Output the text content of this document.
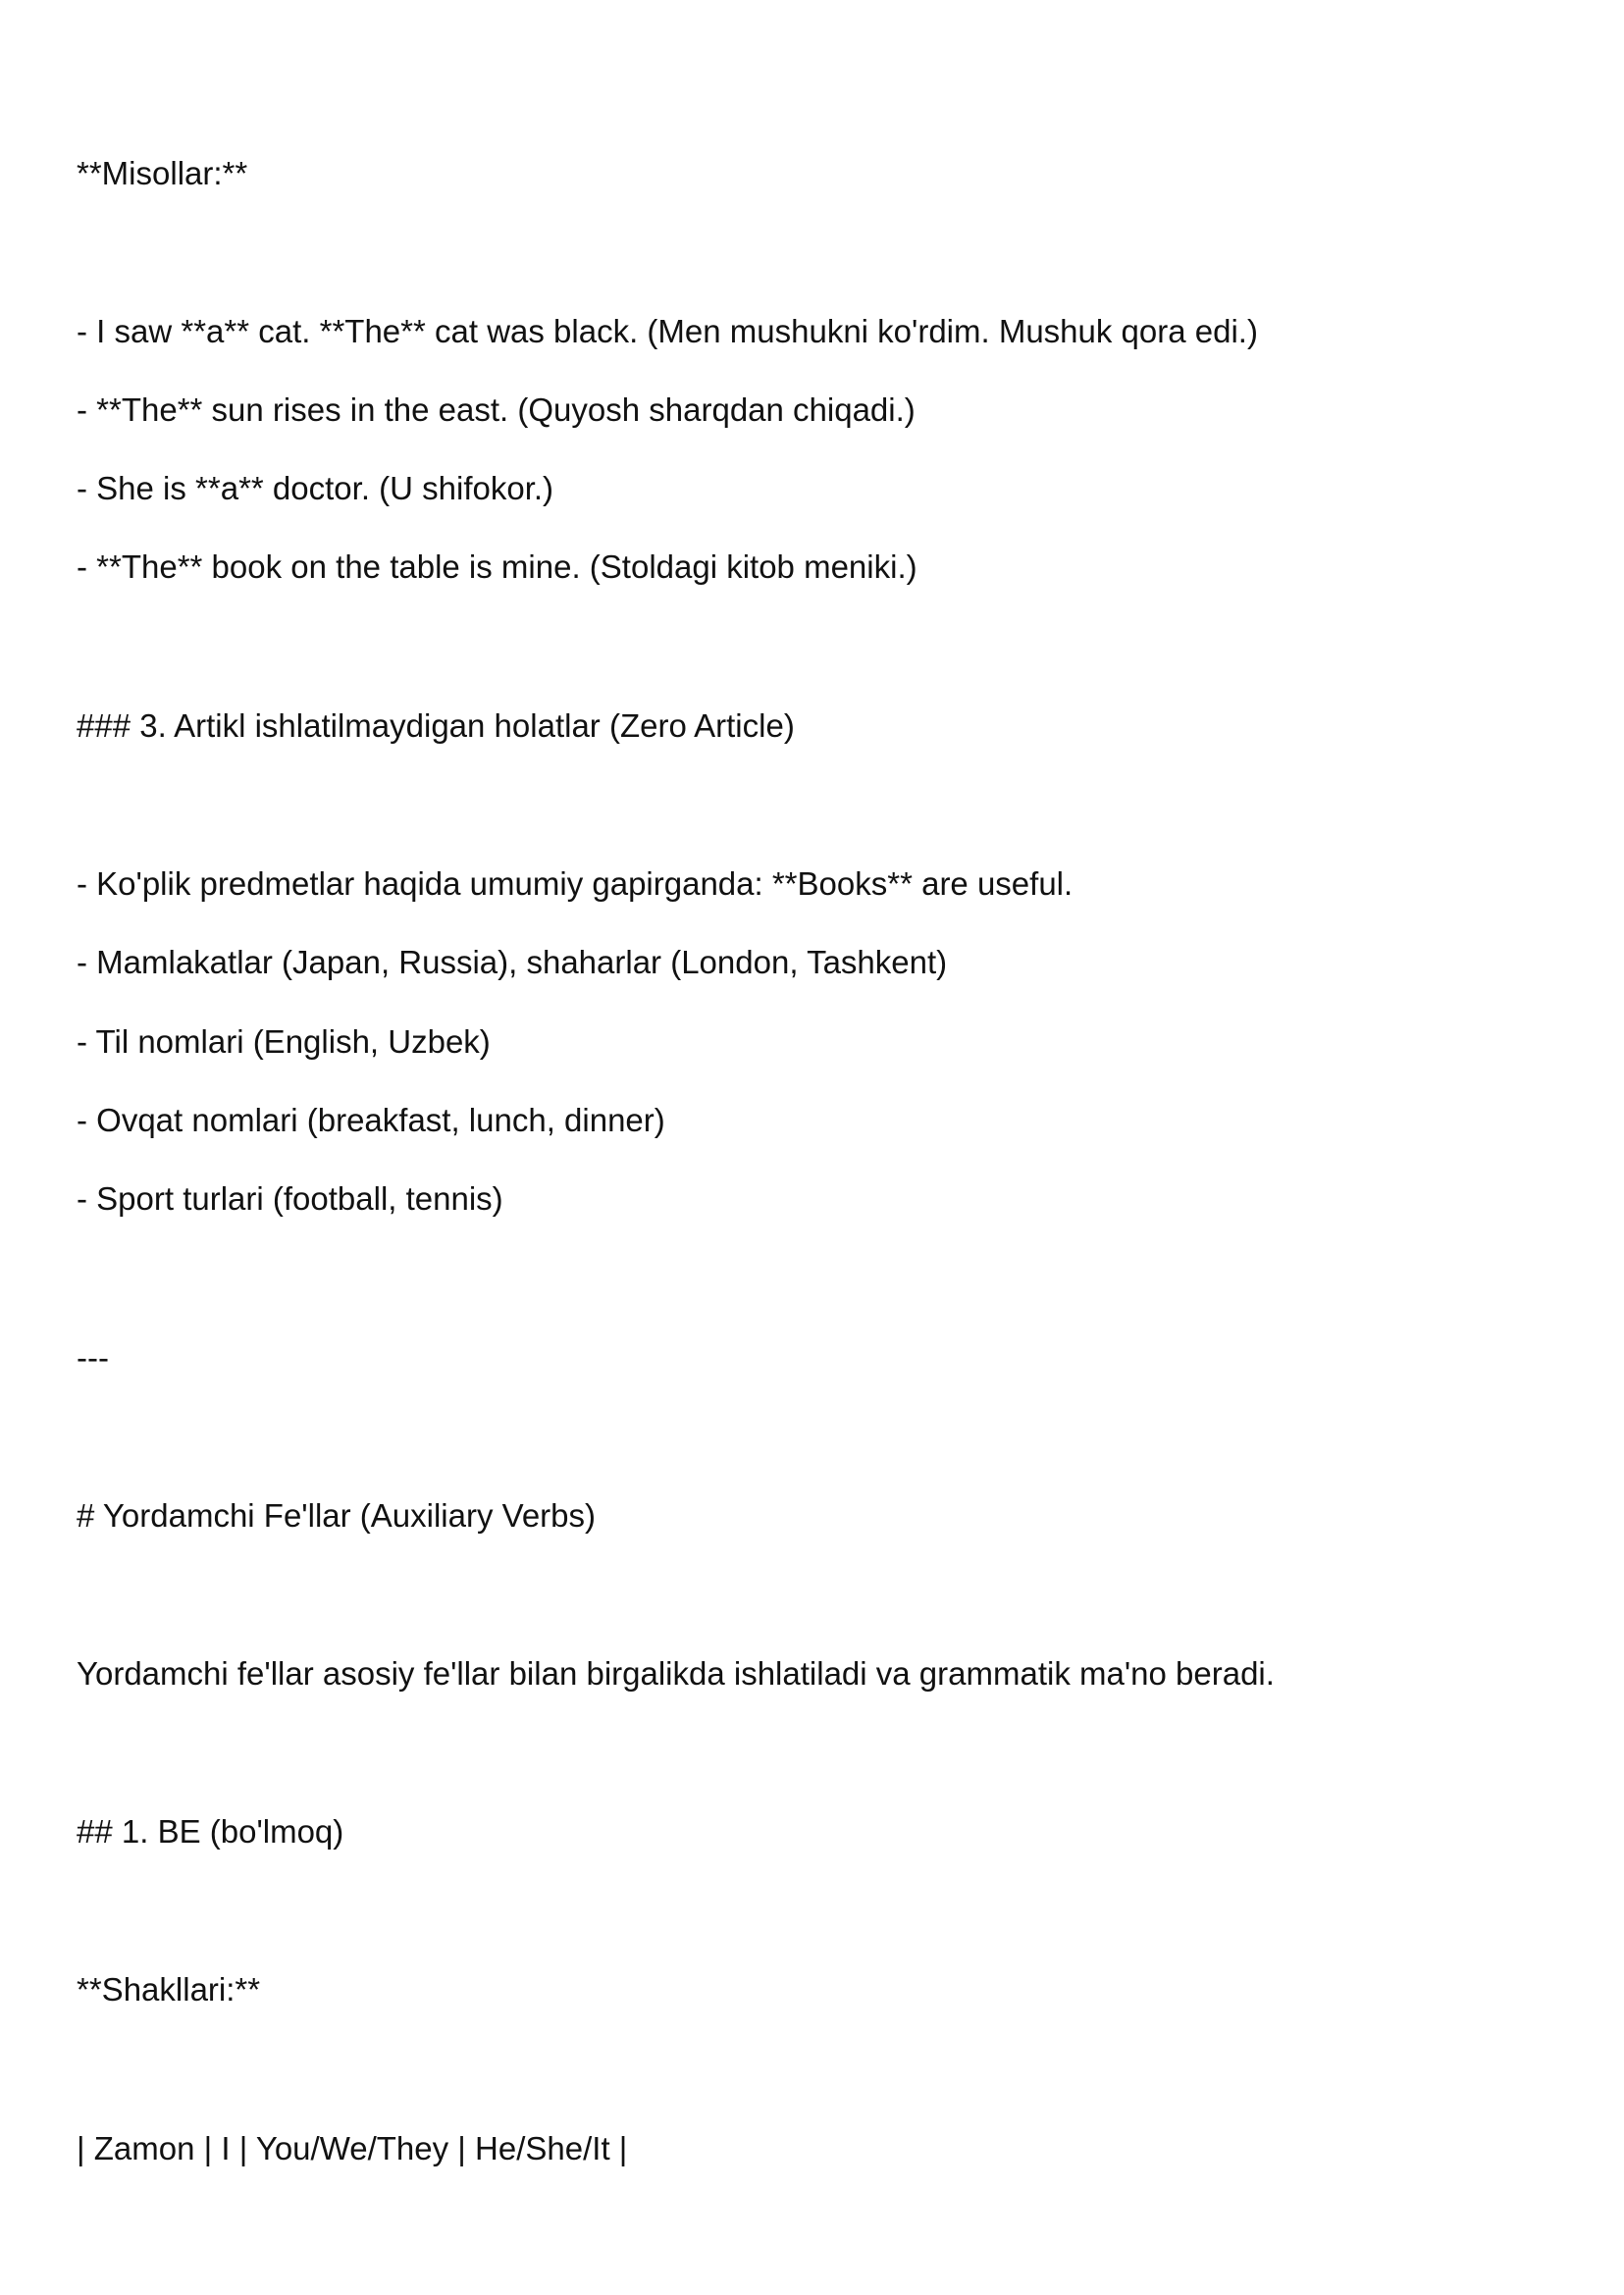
**Misollar:**

- I saw **a** cat. **The** cat was black. (Men mushukni ko'rdim. Mushuk qora edi.)

- **The** sun rises in the east. (Quyosh sharqdan chiqadi.)

- She is **a** doctor. (U shifokor.)

- **The** book on the table is mine. (Stoldagi kitob meniki.)

### 3. Artikl ishlatilmaydigan holatlar (Zero Article)

- Ko'plik predmetlar haqida umumiy gapirganda: **Books** are useful.

- Mamlakatlar (Japan, Russia), shaharlar (London, Tashkent)

- Til nomlari (English, Uzbek)

- Ovqat nomlari (breakfast, lunch, dinner)

- Sport turlari (football, tennis)

---

# Yordamchi Fe'llar (Auxiliary Verbs)

Yordamchi fe'llar asosiy fe'llar bilan birgalikda ishlatiladi va grammatik ma'no beradi.

## 1. BE (bo'lmoq)

**Shakllari:**

| Zamon | I | You/We/They | He/She/It |
